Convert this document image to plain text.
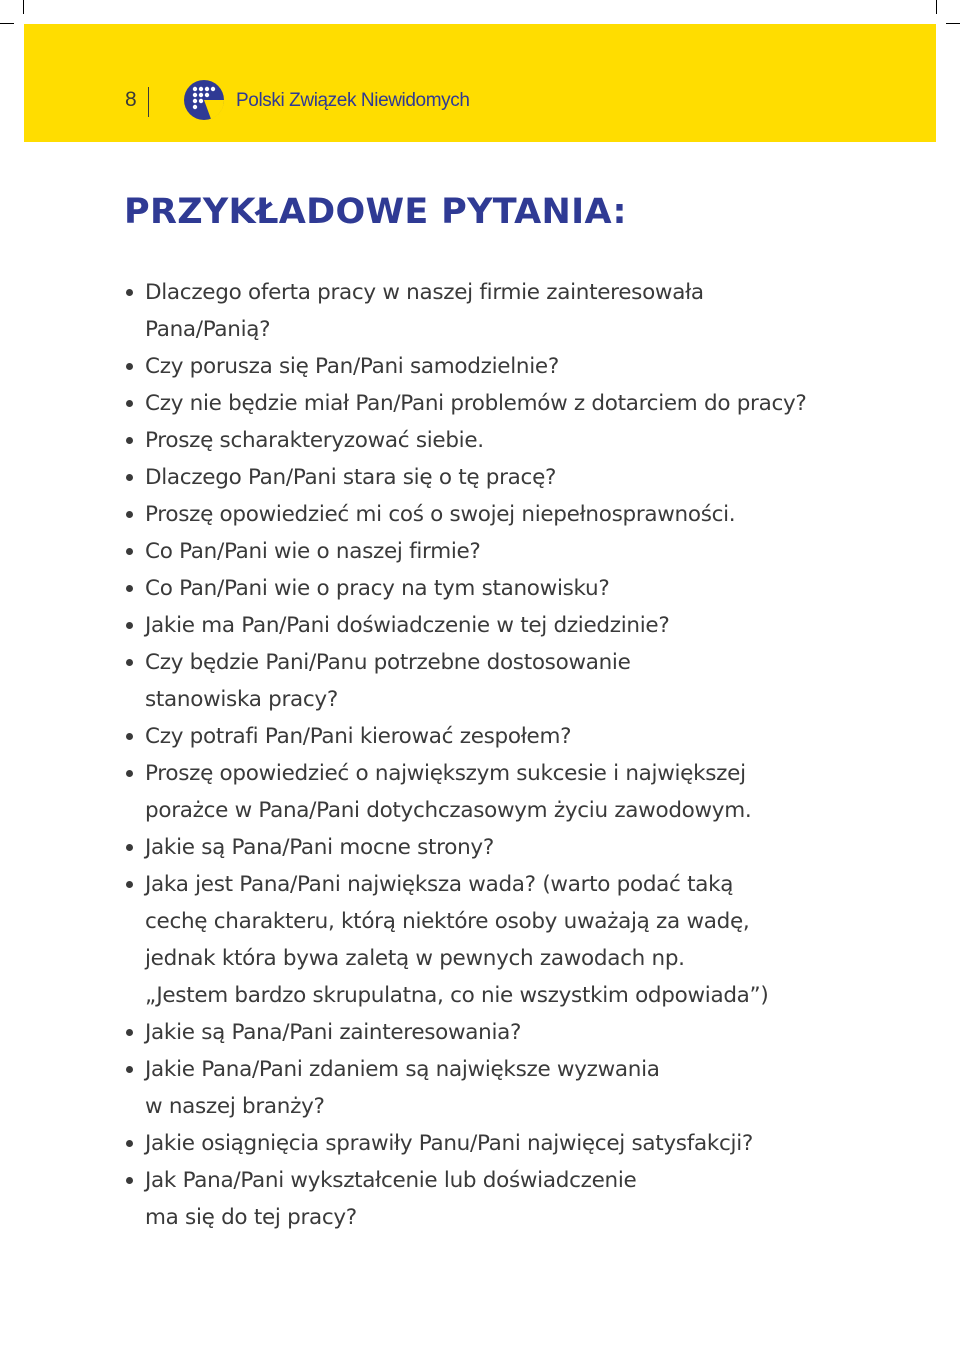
8	Polski Związek Niewidomych
PRZYKŁADOWE PYTANIA:
Dlaczego oferta pracy w naszej firmie zainteresowała
Pana/Panią?
Czy porusza się Pan/Pani samodzielnie?
Czy nie będzie miał Pan/Pani problemów z dotarciem do pracy?
Proszę scharakteryzować siebie.
Dlaczego Pan/Pani stara się o tę pracę?
Proszę opowiedzieć mi coś o swojej niepełnosprawności.
Co Pan/Pani wie o naszej firmie?
Co Pan/Pani wie o pracy na tym stanowisku?
Jakie ma Pan/Pani doświadczenie w tej dziedzinie?
Czy będzie Pani/Panu potrzebne dostosowanie
stanowiska pracy?
Czy potrafi Pan/Pani kierować zespołem?
Proszę opowiedzieć o największym sukcesie i największej
porażce w Pana/Pani dotychczasowym życiu zawodowym.
Jakie są Pana/Pani mocne strony?
Jaka jest Pana/Pani największa wada? (warto podać taką
cechę charakteru, którą niektóre osoby uważają za wadę,
jednak która bywa zaletą w pewnych zawodach np.
„Jestem bardzo skrupulatna, co nie wszystkim odpowiada”)
Jakie są Pana/Pani zainteresowania?
Jakie Pana/Pani zdaniem są największe wyzwania
w naszej branży?
Jakie osiągnięcia sprawiły Panu/Pani najwięcej satysfakcji?
Jak Pana/Pani wykształcenie lub doświadczenie
ma się do tej pracy?
